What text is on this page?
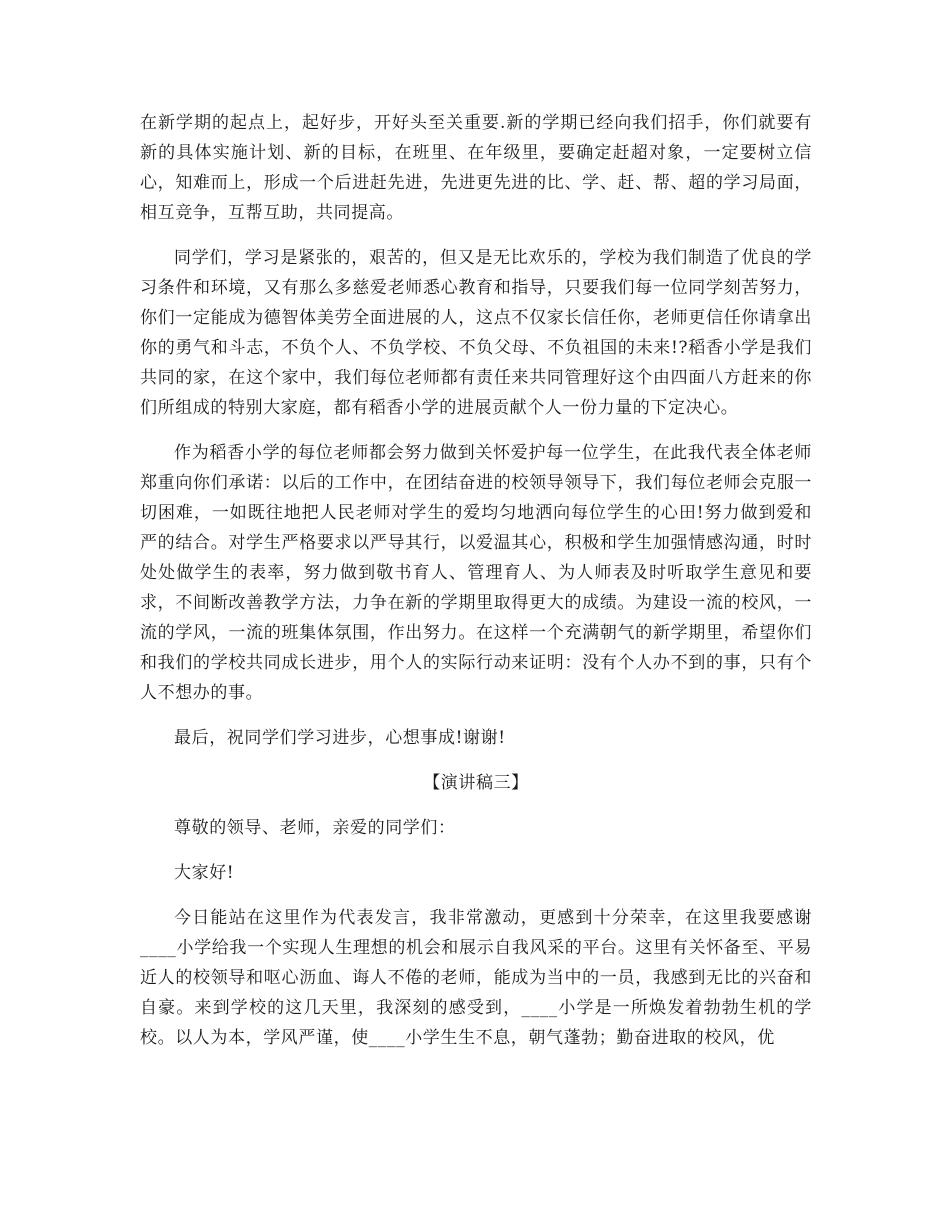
在新学期的起点上，起好步，开好头至关重要.新的学期已经向我们招手，你们就要有新的具体实施计划、新的目标，在班里、在年级里，要确定赶超对象，一定要树立信心，知难而上，形成一个后进赶先进，先进更先进的比、学、赶、帮、超的学习局面，相互竞争，互帮互助，共同提高。

同学们，学习是紧张的，艰苦的，但又是无比欢乐的，学校为我们制造了优良的学习条件和环境，又有那么多慈爱老师悉心教育和指导，只要我们每一位同学刻苦努力，你们一定能成为德智体美劳全面进展的人，这点不仅家长信任你，老师更信任你请拿出你的勇气和斗志，不负个人、不负学校、不负父母、不负祖国的未来!?稻香小学是我们共同的家，在这个家中，我们每位老师都有责任来共同管理好这个由四面八方赶来的你们所组成的特别大家庭，都有稻香小学的进展贡献个人一份力量的下定决心。

作为稻香小学的每位老师都会努力做到关怀爱护每一位学生，在此我代表全体老师郑重向你们承诺：以后的工作中，在团结奋进的校领导领导下，我们每位老师会克服一切困难，一如既往地把人民老师对学生的爱均匀地洒向每位学生的心田!努力做到爱和严的结合。对学生严格要求以严导其行，以爱温其心，积极和学生加强情感沟通，时时处处做学生的表率，努力做到敬书育人、管理育人、为人师表及时听取学生意见和要求，不间断改善教学方法，力争在新的学期里取得更大的成绩。为建设一流的校风，一流的学风，一流的班集体氛围，作出努力。在这样一个充满朝气的新学期里，希望你们和我们的学校共同成长进步，用个人的实际行动来证明：没有个人办不到的事，只有个人不想办的事。

最后，祝同学们学习进步，心想事成!谢谢!

【演讲稿三】

尊敬的领导、老师，亲爱的同学们：

大家好!

今日能站在这里作为代表发言，我非常激动，更感到十分荣幸，在这里我要感谢____小学给我一个实现人生理想的机会和展示自我风采的平台。这里有关怀备至、平易近人的校领导和呕心沥血、诲人不倦的老师，能成为当中的一员，我感到无比的兴奋和自豪。来到学校的这几天里，我深刻的感受到，____小学是一所焕发着勃勃生机的学校。以人为本，学风严谨，使____小学生生不息，朝气蓬勃；勤奋进取的校风，优
